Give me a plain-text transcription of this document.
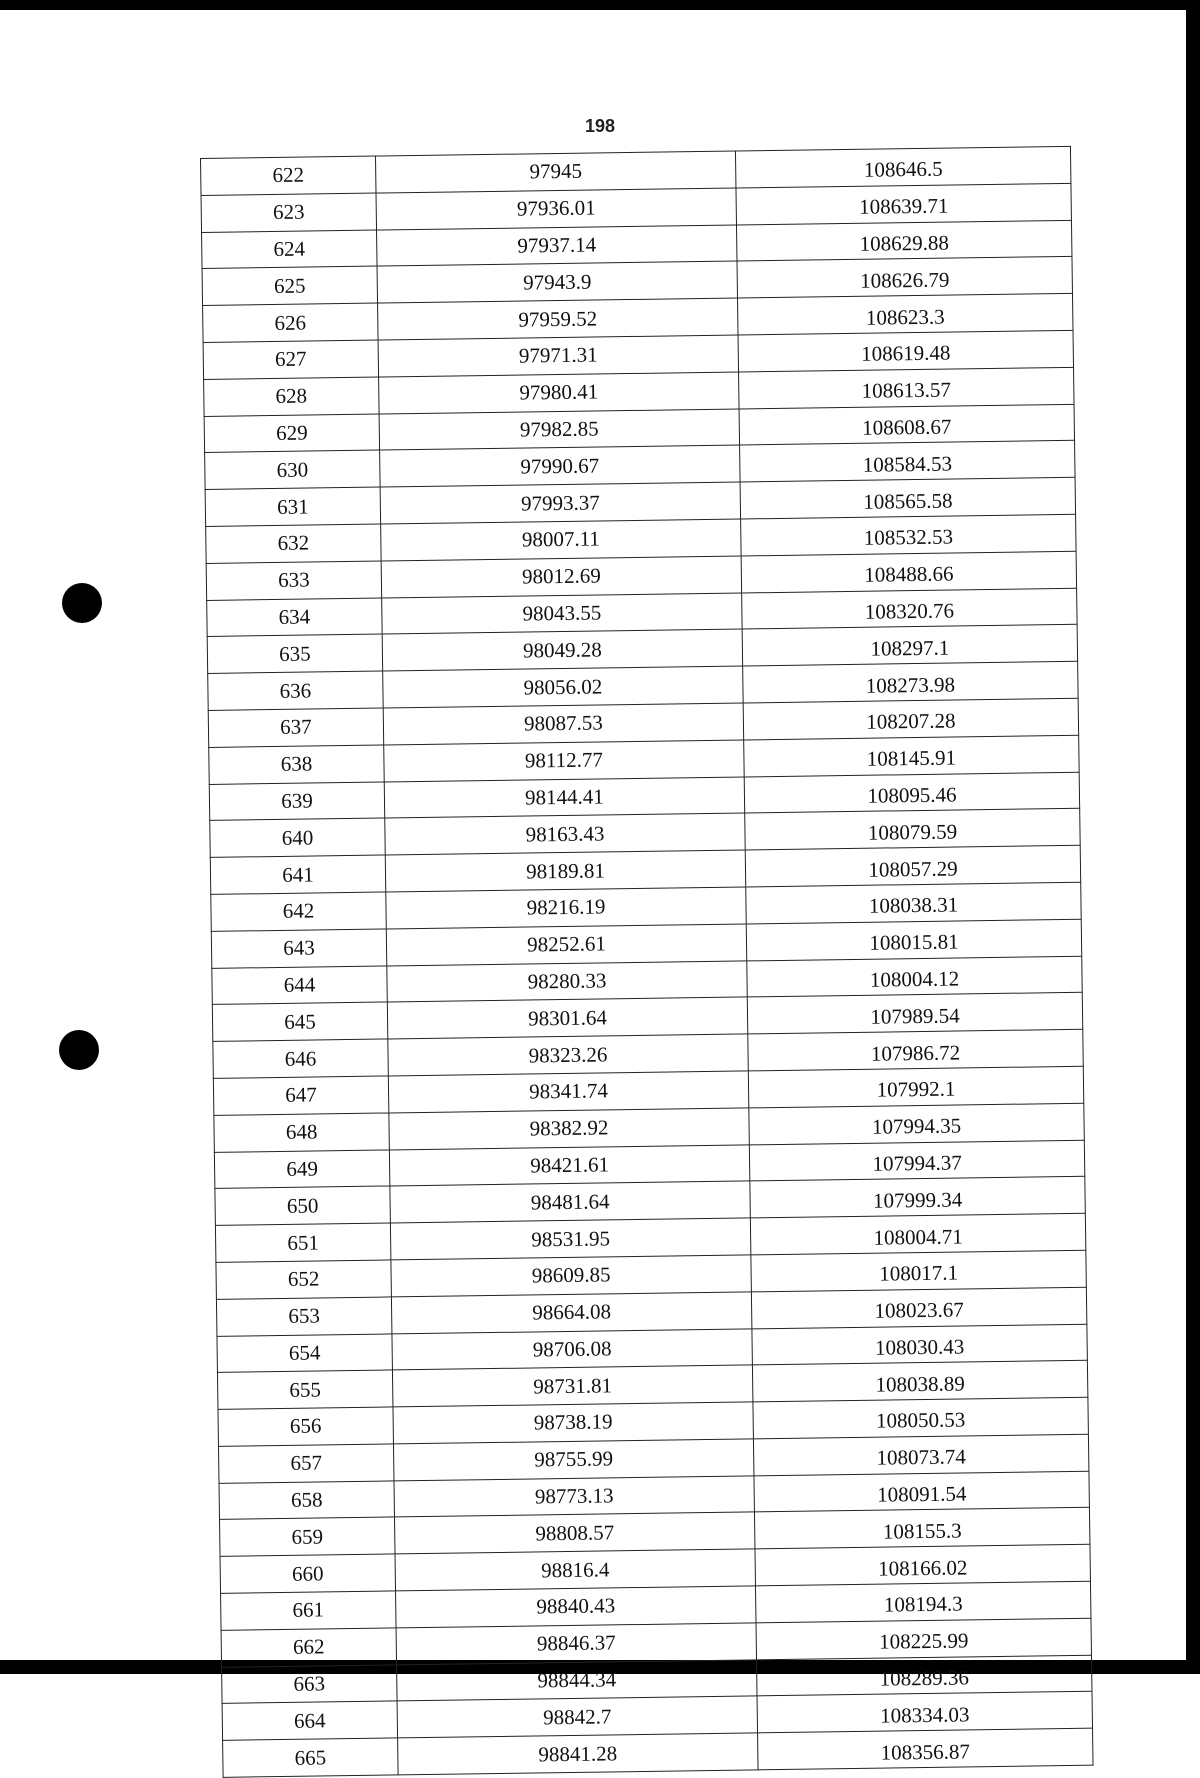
198
622	97945	108646.5
623	97936.01	108639.71
624	97937.14	108629.88
625	97943.9	108626.79
626	97959.52	108623.3
627	97971.31	108619.48
628	97980.41	108613.57
629	97982.85	108608.67
630	97990.67	108584.53
631	97993.37	108565.58
632	98007.11	108532.53
633	98012.69	108488.66
634	98043.55	108320.76
635	98049.28	108297.1
636	98056.02	108273.98
637	98087.53	108207.28
638	98112.77	108145.91
639	98144.41	108095.46
640	98163.43	108079.59
641	98189.81	108057.29
642	98216.19	108038.31
643	98252.61	108015.81
644	98280.33	108004.12
645	98301.64	107989.54
646	98323.26	107986.72
647	98341.74	107992.1
648	98382.92	107994.35
649	98421.61	107994.37
650	98481.64	107999.34
651	98531.95	108004.71
652	98609.85	108017.1
653	98664.08	108023.67
654	98706.08	108030.43
655	98731.81	108038.89
656	98738.19	108050.53
657	98755.99	108073.74
658	98773.13	108091.54
659	98808.57	108155.3
660	98816.4	108166.02
661	98840.43	108194.3
662	98846.37	108225.99
663	98844.34	108289.36
664	98842.7	108334.03
665	98841.28	108356.87
